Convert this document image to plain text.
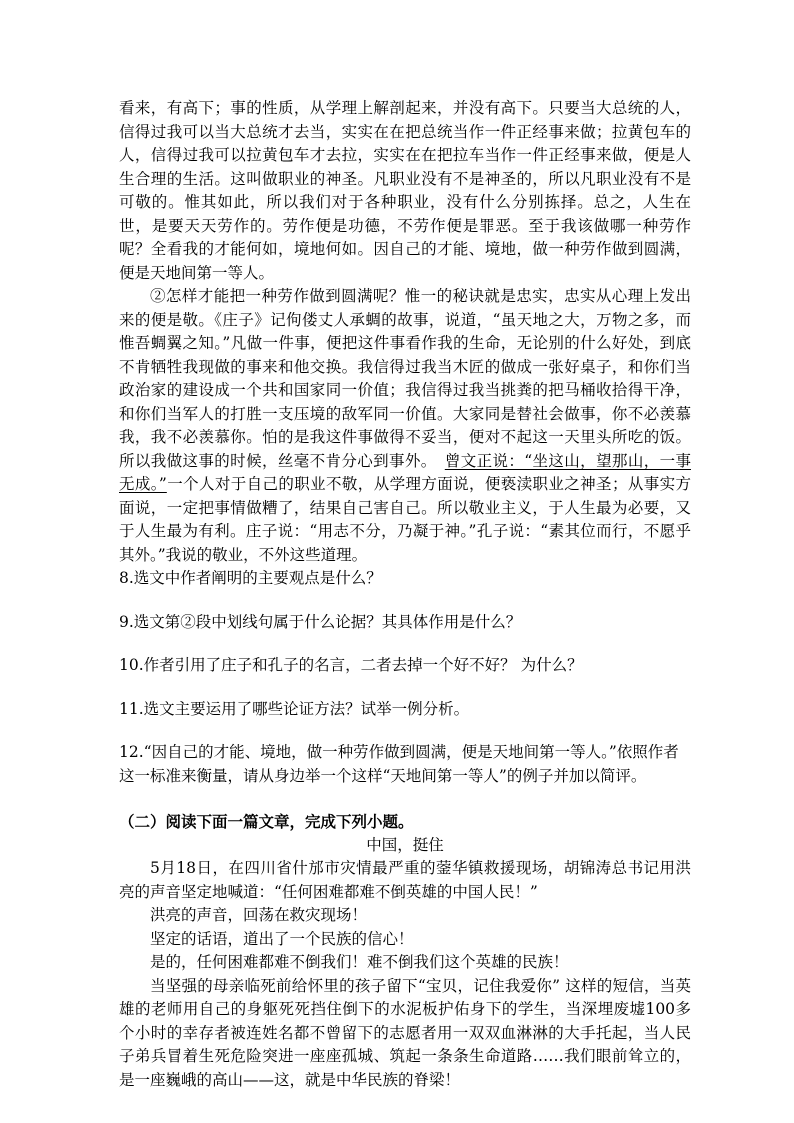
看来，有高下；事的性质，从学理上解剖起来，并没有高下。只要当大总统的人，信得过我可以当大总统才去当，实实在在把总统当作一件正经事来做；拉黄包车的人，信得过我可以拉黄包车才去拉，实实在在把拉车当作一件正经事来做，便是人生合理的生活。这叫做职业的神圣。凡职业没有不是神圣的，所以凡职业没有不是可敬的。惟其如此，所以我们对于各种职业，没有什么分别拣择。总之，人生在世，是要天天劳作的。劳作便是功德，不劳作便是罪恶。至于我该做哪一种劳作呢？全看我的才能何如，境地何如。因自己的才能、境地，做一种劳作做到圆满，便是天地间第一等人。

②怎样才能把一种劳作做到圆满呢？惟一的秘诀就是忠实，忠实从心理上发出来的便是敬。《庄子》记佝偻丈人承蜩的故事，说道，“虽天地之大，万物之多，而惟吾蜩翼之知。”凡做一件事，便把这件事看作我的生命，无论别的什么好处，到底不肯牺牲我现做的事来和他交换。我信得过我当木匠的做成一张好桌子，和你们当政治家的建设成一个共和国家同一价值；我信得过我当挑粪的把马桶收拾得干净，和你们当军人的打胜一支压境的敌军同一价值。大家同是替社会做事，你不必羡慕我，我不必羡慕你。怕的是我这件事做得不妥当，便对不起这一天里头所吃的饭。所以我做这事的时候，丝毫不肯分心到事外。　 曾文正说：“坐这山，望那山，一事无成。”一个人对于自己的职业不敬，从学理方面说，便亵渎职业之神圣；从事实方面说，一定把事情做糟了，结果自己害自己。所以敬业主义，于人生最为必要，又于人生最为有利。庄子说：“用志不分，乃凝于神。”孔子说：“素其位而行，不愿乎其外。”我说的敬业，不外这些道理。

8.选文中作者阐明的主要观点是什么？

9.选文第②段中划线句属于什么论据？其具体作用是什么？

10.作者引用了庄子和孔子的名言，二者去掉一个好不好？ 为什么？

11.选文主要运用了哪些论证方法？试举一例分析。

12.“因自己的才能、境地，做一种劳作做到圆满，便是天地间第一等人。”依照作者这一标准来衡量，请从身边举一个这样“天地间第一等人”的例子并加以简评。

（二）阅读下面一篇文章，完成下列小题。

中国，挺住

5月18日，在四川省什邡市灾情最严重的蓥华镇救援现场，胡锦涛总书记用洪亮的声音坚定地喊道：“任何困难都难不倒英雄的中国人民！”

洪亮的声音，回荡在救灾现场！

坚定的话语，道出了一个民族的信心！

是的，任何困难都难不倒我们！难不倒我们这个英雄的民族！

当坚强的母亲临死前给怀里的孩子留下“宝贝，记住我爱你” 这样的短信，当英雄的老师用自己的身躯死死挡住倒下的水泥板护佑身下的学生，当深埋废墟100多个小时的幸存者被连姓名都不曾留下的志愿者用一双双血淋淋的大手托起，当人民子弟兵冒着生死危险突进一座座孤城、筑起一条条生命道路……我们眼前耸立的，是一座巍峨的高山——这，就是中华民族的脊梁！
